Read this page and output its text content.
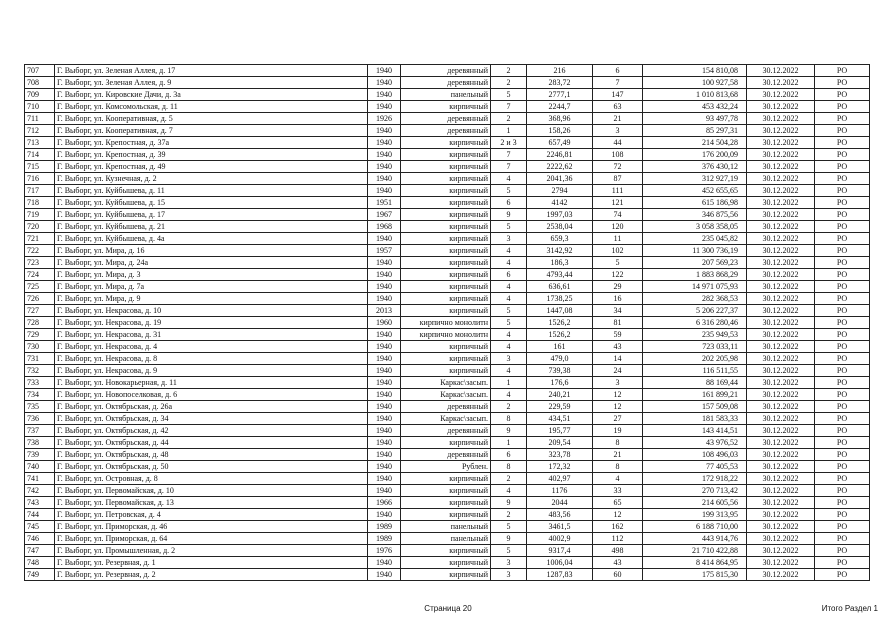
707	Г. Выборг, ул. Зеленая Аллея, д. 17	1940	деревянный	2	216	6	154 810,08	30.12.2022	РО
708	Г. Выборг, ул. Зеленая Аллея, д. 9	1940	деревянный	2	283,72	7	100 927,58	30.12.2022	РО
709	Г. Выборг, ул. Кировские Дачи, д. 3а	1940	панельный	5	2777,1	147	1 010 813,68	30.12.2022	РО
710	Г. Выборг, ул. Комсомольская, д. 11	1940	кирпичный	7	2244,7	63	453 432,24	30.12.2022	РО
711	Г. Выборг, ул. Кооперативная, д. 5	1926	деревянный	2	368,96	21	93 497,78	30.12.2022	РО
712	Г. Выборг, ул. Кооперативная, д. 7	1940	деревянный	1	158,26	3	85 297,31	30.12.2022	РО
713	Г. Выборг, ул. Крепостная, д. 37а	1940	кирпичный	2 и 3	657,49	44	214 504,28	30.12.2022	РО
714	Г. Выборг, ул. Крепостная, д. 39	1940	кирпичный	7	2246,81	108	176 200,09	30.12.2022	РО
715	Г. Выборг, ул. Крепостная, д. 49	1940	кирпичный	7	2222,62	72	376 430,12	30.12.2022	РО
716	Г. Выборг, ул. Кузнечная, д. 2	1940	кирпичный	4	2041,36	87	312 927,19	30.12.2022	РО
717	Г. Выборг, ул. Куйбышева, д. 11	1940	кирпичный	5	2794	111	452 655,65	30.12.2022	РО
718	Г. Выборг, ул. Куйбышева, д. 15	1951	кирпичный	6	4142	121	615 186,98	30.12.2022	РО
719	Г. Выборг, ул. Куйбышева, д. 17	1967	кирпичный	9	1997,03	74	346 875,56	30.12.2022	РО
720	Г. Выборг, ул. Куйбышева, д. 21	1968	кирпичный	5	2538,04	120	3 058 358,05	30.12.2022	РО
721	Г. Выборг, ул. Куйбышева, д. 4а	1940	кирпичный	3	659,3	11	235 045,82	30.12.2022	РО
722	Г. Выборг, ул. Мира, д. 16	1957	кирпичный	4	3142,92	102	11 300 736,19	30.12.2022	РО
723	Г. Выборг, ул. Мира, д. 24а	1940	кирпичный	4	186,3	5	207 569,23	30.12.2022	РО
724	Г. Выборг, ул. Мира, д. 3	1940	кирпичный	6	4793,44	122	1 883 868,29	30.12.2022	РО
725	Г. Выборг, ул. Мира, д. 7а	1940	кирпичный	4	636,61	29	14 971 075,93	30.12.2022	РО
726	Г. Выборг, ул. Мира, д. 9	1940	кирпичный	4	1738,25	16	282 368,53	30.12.2022	РО
727	Г. Выборг, ул. Некрасова, д. 10	2013	кирпичный	5	1447,08	34	5 206 227,37	30.12.2022	РО
728	Г. Выборг, ул. Некрасова, д. 19	1960	кирпично монолитн	5	1526,2	81	6 316 280,46	30.12.2022	РО
729	Г. Выборг, ул. Некрасова, д. 31	1940	кирпично монолитн	4	1526,2	59	235 949,53	30.12.2022	РО
730	Г. Выборг, ул. Некрасова, д. 4	1940	кирпичный	4	161	43	723 033,11	30.12.2022	РО
731	Г. Выборг, ул. Некрасова, д. 8	1940	кирпичный	3	479,0	14	202 205,98	30.12.2022	РО
732	Г. Выборг, ул. Некрасова, д. 9	1940	кирпичный	4	739,38	24	116 511,55	30.12.2022	РО
733	Г. Выборг, ул. Новокарьерная, д. 11	1940	Каркас\засып.	1	176,6	3	88 169,44	30.12.2022	РО
734	Г. Выборг, ул. Новопоселковая, д. 6	1940	Каркас\засып.	4	240,21	12	161 899,21	30.12.2022	РО
735	Г. Выборг, ул. Октябрьская, д. 26а	1940	деревянный	2	229,59	12	157 509,08	30.12.2022	РО
736	Г. Выборг, ул. Октябрьская, д. 34	1940	Каркас\засып.	8	434,51	27	181 583,33	30.12.2022	РО
737	Г. Выборг, ул. Октябрьская, д. 42	1940	деревянный	9	195,77	19	143 414,51	30.12.2022	РО
738	Г. Выборг, ул. Октябрьская, д. 44	1940	кирпичный	1	209,54	8	43 976,52	30.12.2022	РО
739	Г. Выборг, ул. Октябрьская, д. 48	1940	деревянный	6	323,78	21	108 496,03	30.12.2022	РО
740	Г. Выборг, ул. Октябрьская, д. 50	1940	Рублен.	8	172,32	8	77 405,53	30.12.2022	РО
741	Г. Выборг, ул. Островная, д. 8	1940	кирпичный	2	402,97	4	172 918,22	30.12.2022	РО
742	Г. Выборг, ул. Первомайская, д. 10	1940	кирпичный	4	1176	33	270 713,42	30.12.2022	РО
743	Г. Выборг, ул. Первомайская, д. 13	1966	кирпичный	9	2044	65	214 605,56	30.12.2022	РО
744	Г. Выборг, ул. Петровская, д. 4	1940	кирпичный	2	483,56	12	199 313,95	30.12.2022	РО
745	Г. Выборг, ул. Приморская, д. 46	1989	панельный	5	3461,5	162	6 188 710,00	30.12.2022	РО
746	Г. Выборг, ул. Приморская, д. 64	1989	панельный	9	4002,9	112	443 914,76	30.12.2022	РО
747	Г. Выборг, ул. Промышленная, д. 2	1976	кирпичный	5	9317,4	498	21 710 422,88	30.12.2022	РО
748	Г. Выборг, ул. Резервная, д. 1	1940	кирпичный	3	1006,04	43	8 414 864,95	30.12.2022	РО
749	Г. Выборг, ул. Резервная, д. 2	1940	кирпичный	3	1287,83	60	175 815,30	30.12.2022	РО
Страница 20	Итого Раздел 1
